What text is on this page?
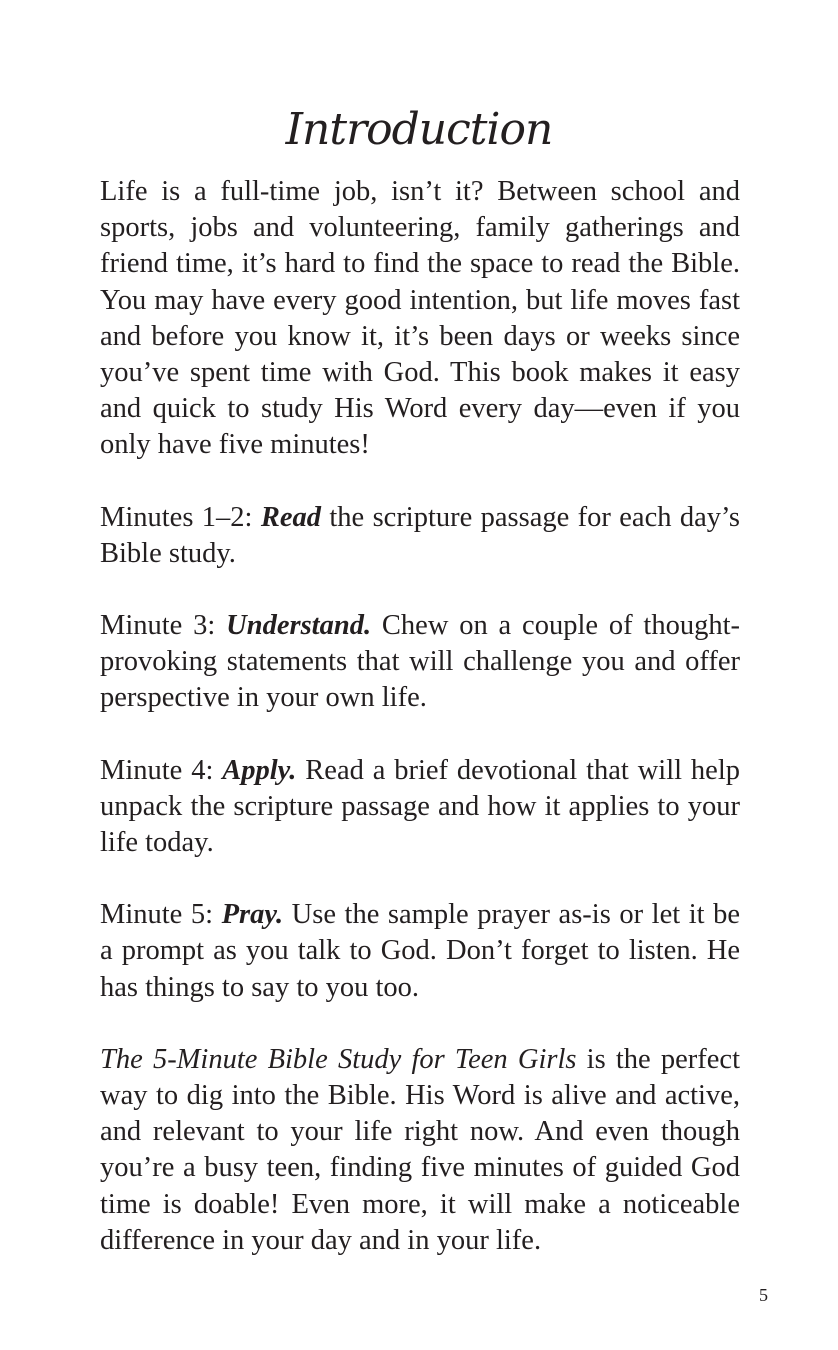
Introduction

Life is a full-time job, isn’t it? Between school and sports, jobs and volunteering, family gatherings and friend time, it’s hard to find the space to read the Bible. You may have every good intention, but life moves fast and before you know it, it’s been days or weeks since you’ve spent time with God. This book makes it easy and quick to study His Word every day—even if you only have five minutes!

Minutes 1–2: Read the scripture passage for each day’s Bible study.

Minute 3: Understand. Chew on a couple of thought-provoking statements that will challenge you and offer perspective in your own life.

Minute 4: Apply. Read a brief devotional that will help unpack the scripture passage and how it applies to your life today.

Minute 5: Pray. Use the sample prayer as-is or let it be a prompt as you talk to God. Don’t forget to listen. He has things to say to you too.

The 5-Minute Bible Study for Teen Girls is the perfect way to dig into the Bible. His Word is alive and active, and relevant to your life right now. And even though you’re a busy teen, finding five minutes of guided God time is doable! Even more, it will make a noticeable difference in your day and in your life.

5
